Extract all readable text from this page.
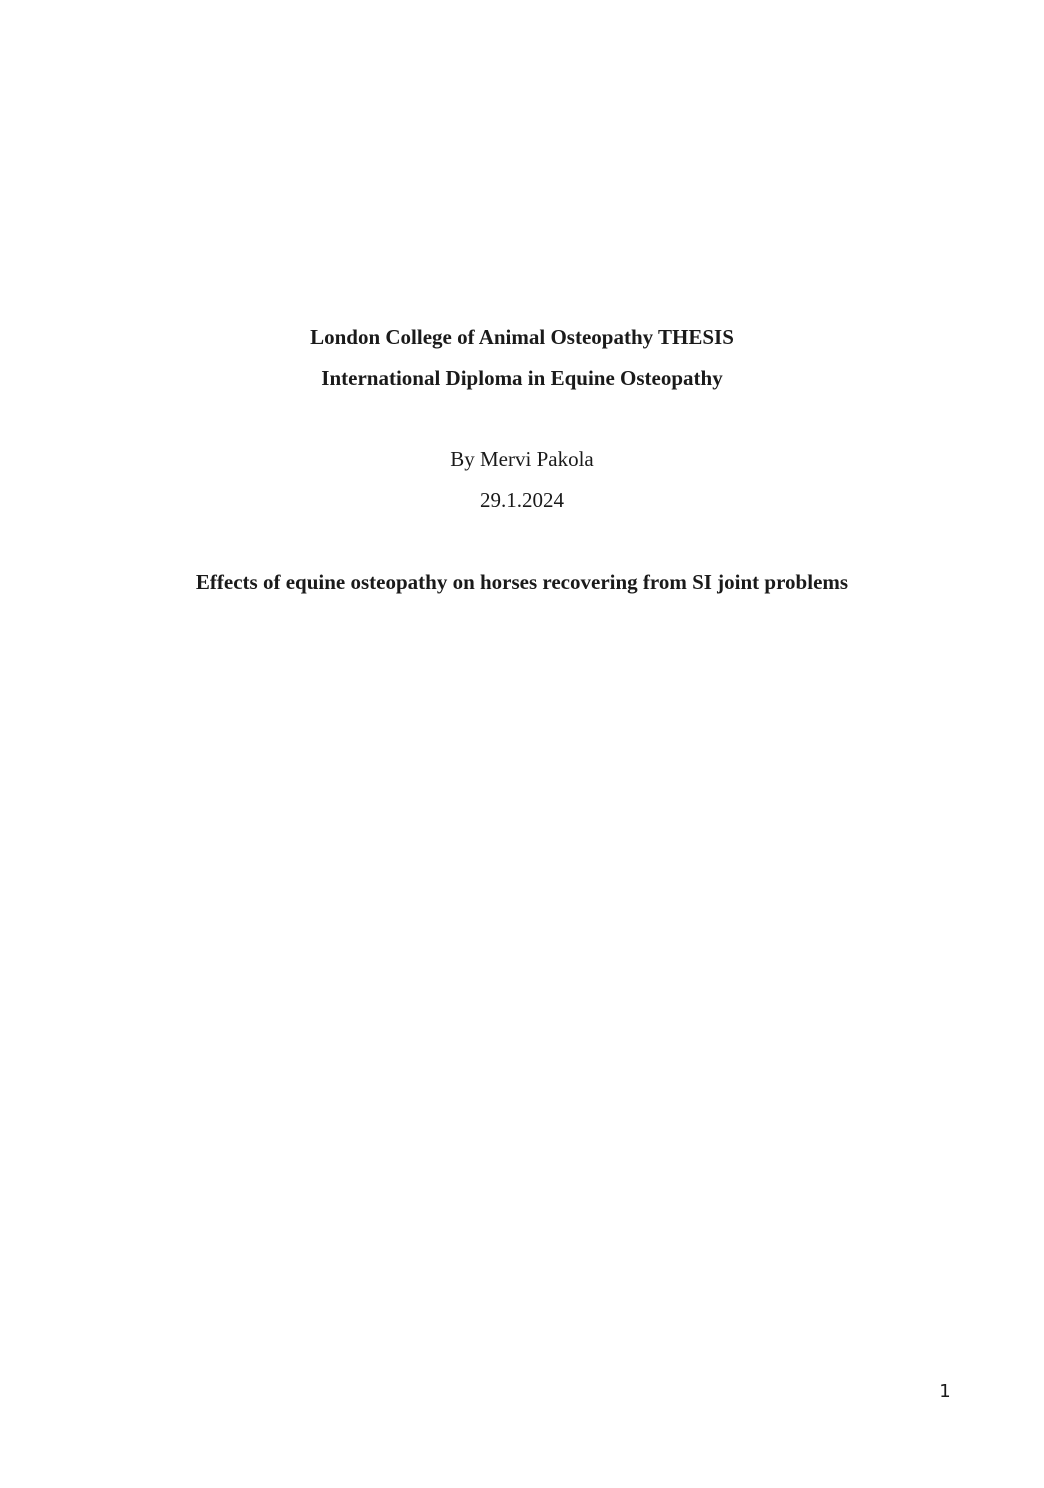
London College of Animal Osteopathy THESIS
International Diploma in Equine Osteopathy
By Mervi Pakola
29.1.2024
Effects of equine osteopathy on horses recovering from SI joint problems
1
